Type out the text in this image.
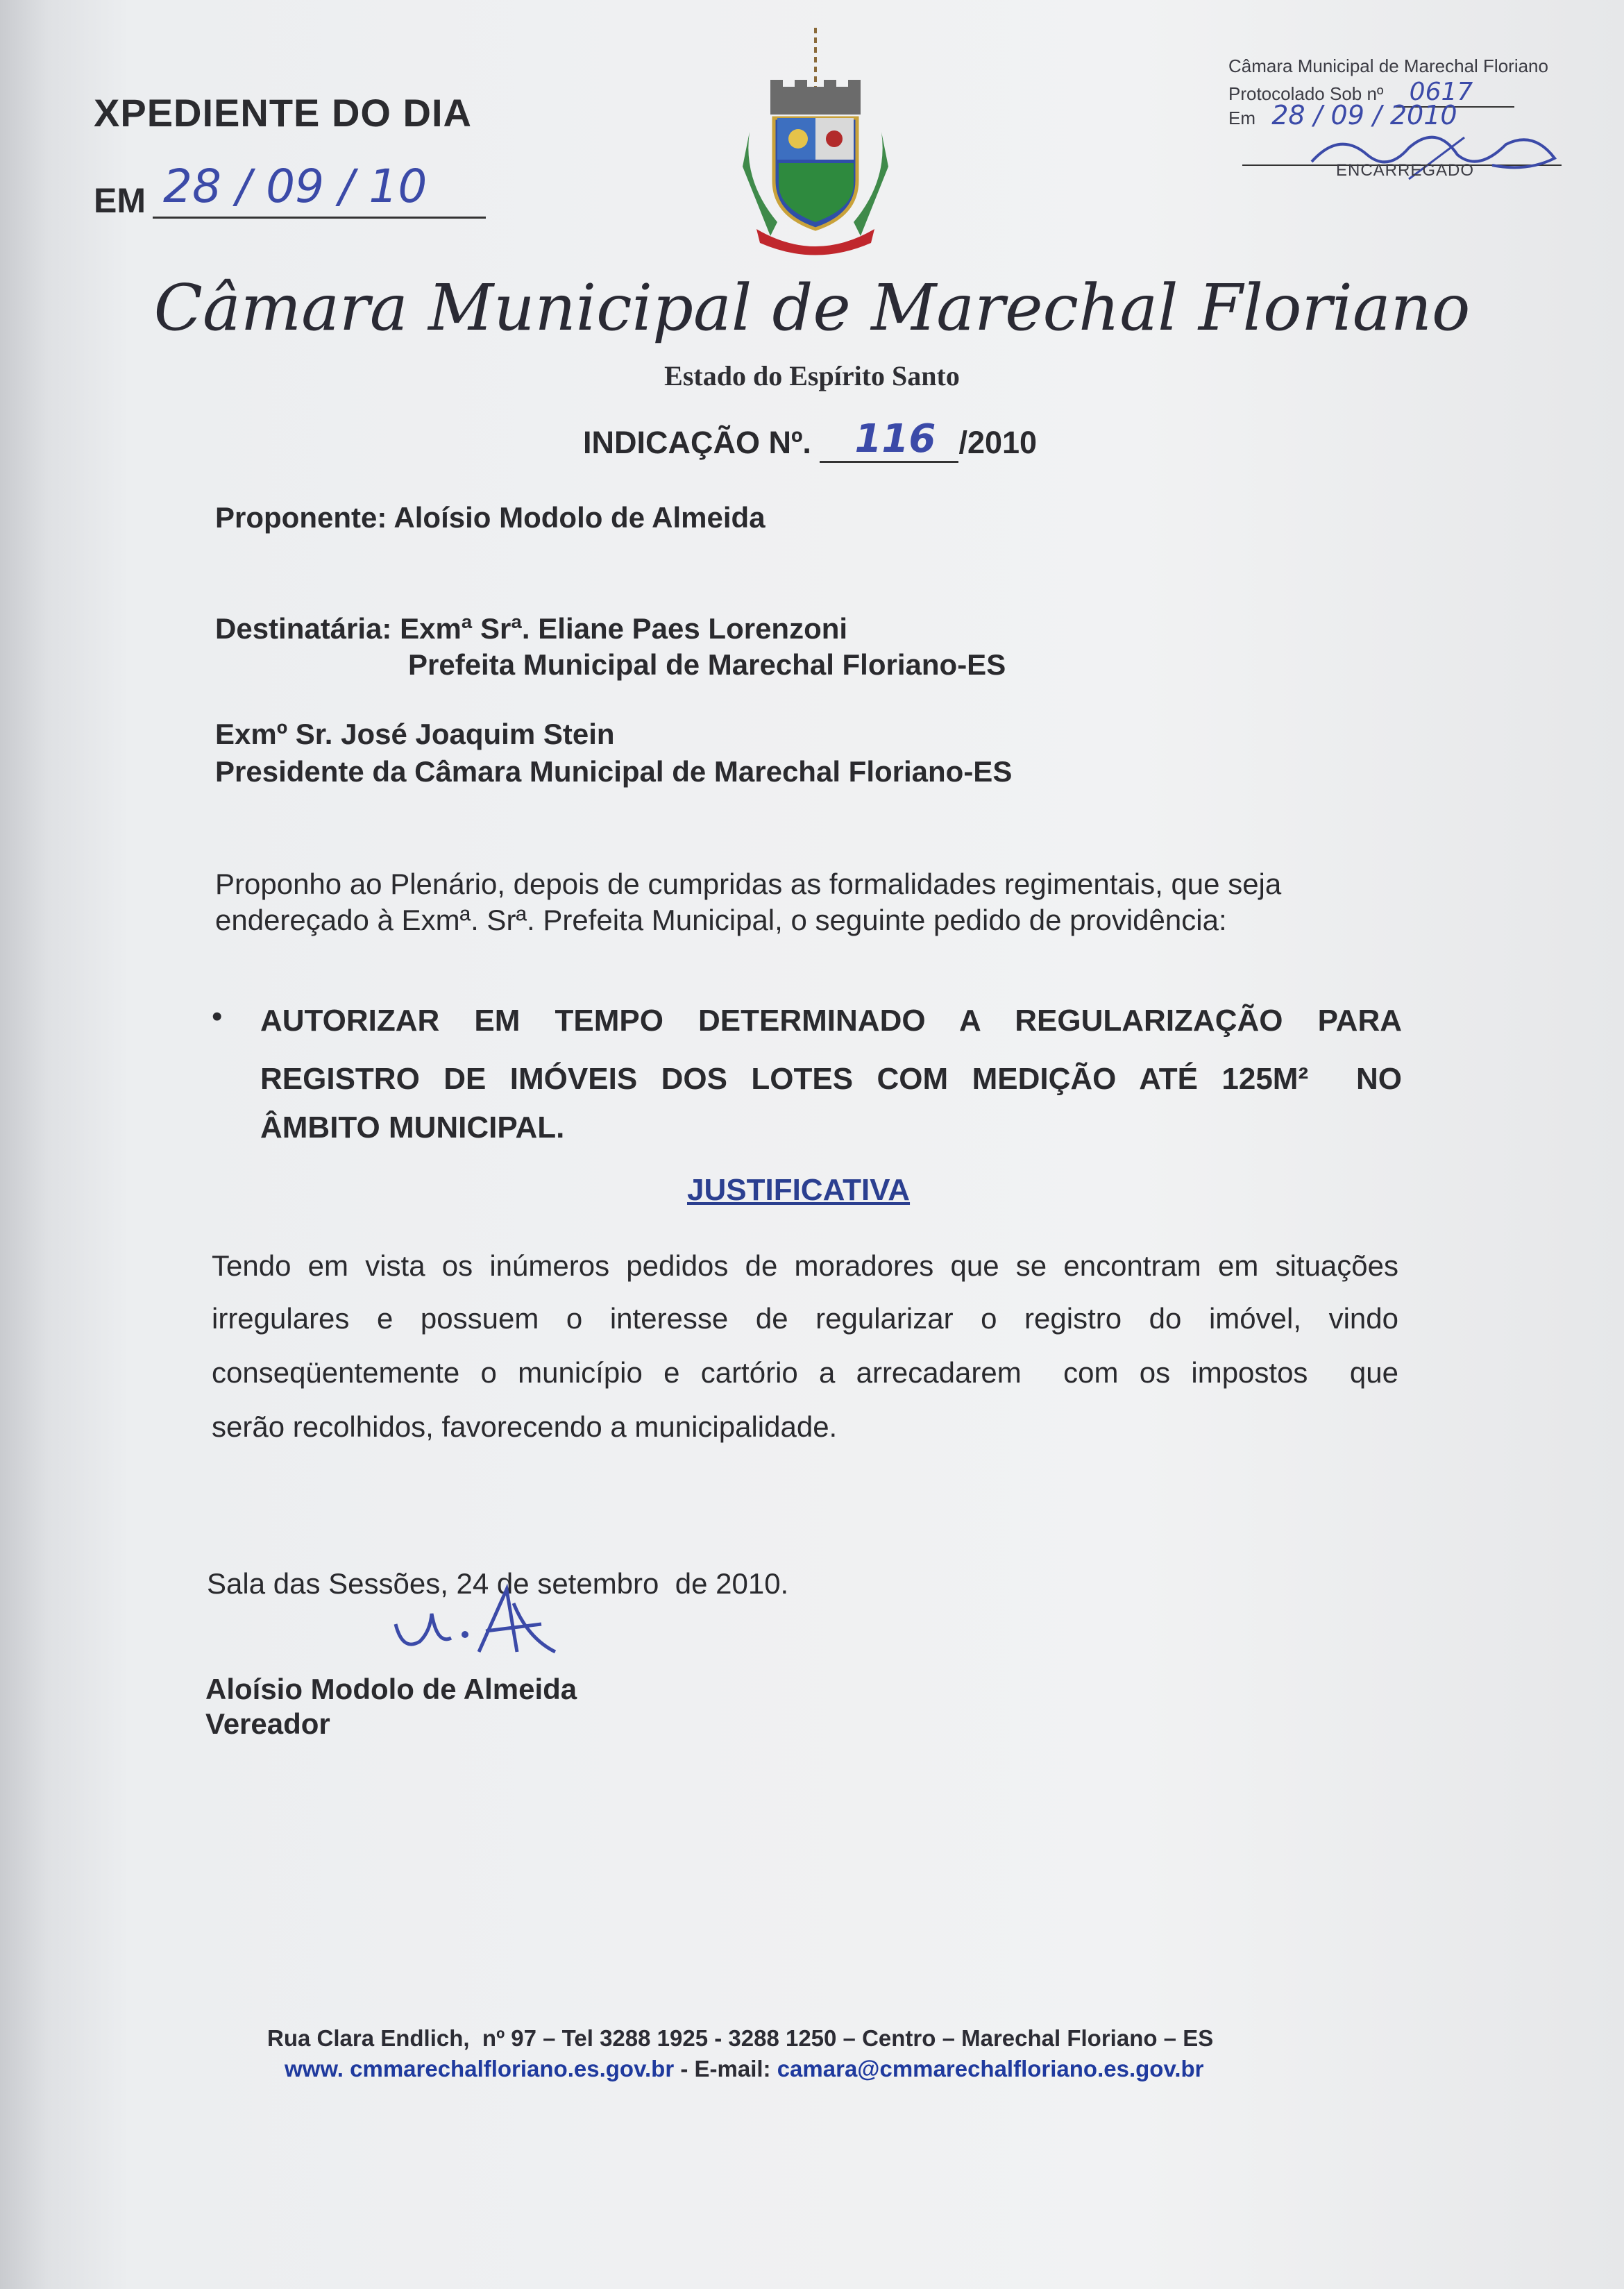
XPEDIENTE DO DIA
EM 28 / 09 / 10
Câmara Municipal de Marechal Floriano
Protocolado Sob nº 0617
Em 28 / 09 / 2010
ENCARREGADO
Câmara Municipal de Marechal Floriano
Estado do Espírito Santo
INDICAÇÃO Nº. 116 /2010
Proponente: Aloísio Modolo de Almeida
Destinatária: Exmª Srª. Eliane Paes Lorenzoni
Prefeita Municipal de Marechal Floriano-ES
Exmº Sr. José Joaquim Stein
Presidente da Câmara Municipal de Marechal Floriano-ES
Proponho ao Plenário, depois de cumpridas as formalidades regimentais, que seja
endereçado à Exmª. Srª. Prefeita Municipal, o seguinte pedido de providência:
• AUTORIZAR EM TEMPO DETERMINADO A REGULARIZAÇÃO PARA
REGISTRO DE IMÓVEIS DOS LOTES COM MEDIÇÃO ATÉ 125M²  NO
ÂMBITO MUNICIPAL.
JUSTIFICATIVA
Tendo em vista os inúmeros pedidos de moradores que se encontram em situações
irregulares e possuem o interesse de regularizar o registro do imóvel, vindo
conseqüentemente o município e cartório a arrecadarem  com os impostos  que
serão recolhidos, favorecendo a municipalidade.
Sala das Sessões, 24 de setembro  de 2010.
Aloísio Modolo de Almeida
Vereador
Rua Clara Endlich,  nº 97 – Tel 3288 1925 - 3288 1250 – Centro – Marechal Floriano – ES
www. cmmarechalfloriano.es.gov.br - E-mail: camara@cmmarechalfloriano.es.gov.br
